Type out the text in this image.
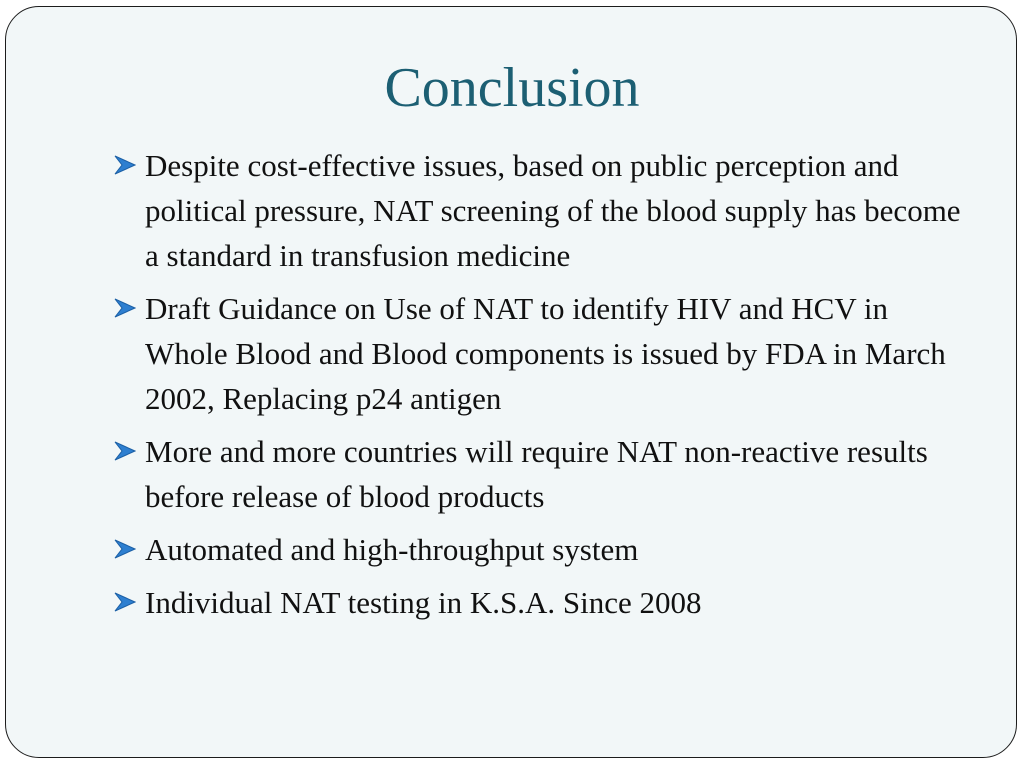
Conclusion
Despite cost-effective issues, based on public perception and political pressure, NAT screening of the blood supply has become a standard in transfusion medicine
Draft Guidance on Use of NAT to identify HIV and HCV in Whole Blood and Blood components is issued by FDA in March 2002, Replacing p24 antigen
More and more countries will require NAT non-reactive results before release of blood products
Automated and high-throughput system
Individual NAT testing in K.S.A. Since 2008
